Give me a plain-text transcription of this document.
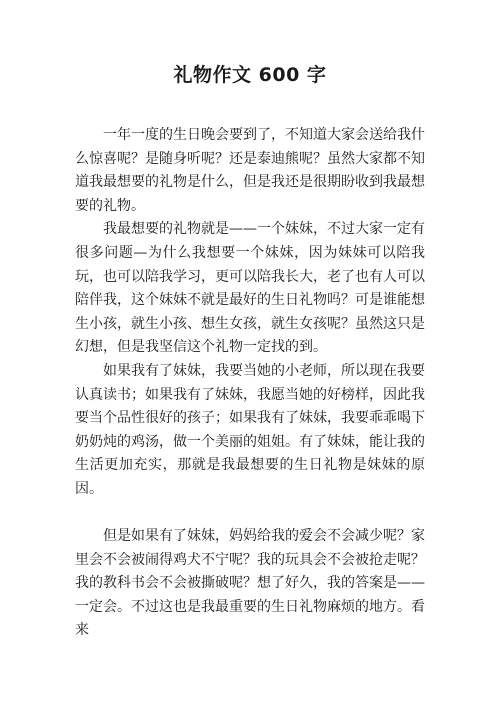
礼物作文 600 字

一年一度的生日晚会要到了，不知道大家会送给我什么惊喜呢？是随身听呢？还是泰迪熊呢？虽然大家都不知道我最想要的礼物是什么，但是我还是很期盼收到我最想要的礼物。

我最想要的礼物就是——一个妹妹，不过大家一定有很多问题—为什么我想要一个妹妹，因为妹妹可以陪我玩，也可以陪我学习，更可以陪我长大，老了也有人可以陪伴我，这个妹妹不就是最好的生日礼物吗？可是谁能想生小孩，就生小孩、想生女孩，就生女孩呢？虽然这只是幻想，但是我坚信这个礼物一定找的到。

如果我有了妹妹，我要当她的小老师，所以现在我要认真读书；如果我有了妹妹，我愿当她的好榜样，因此我要当个品性很好的孩子；如果我有了妹妹，我要乖乖喝下奶奶炖的鸡汤，做一个美丽的姐姐。有了妹妹，能让我的生活更加充实，那就是我最想要的生日礼物是妹妹的原因。

但是如果有了妹妹，妈妈给我的爱会不会减少呢？家里会不会被闹得鸡犬不宁呢？我的玩具会不会被抢走呢？我的教科书会不会被撕破呢？想了好久，我的答案是——一定会。不过这也是我最重要的生日礼物麻烦的地方。看来
